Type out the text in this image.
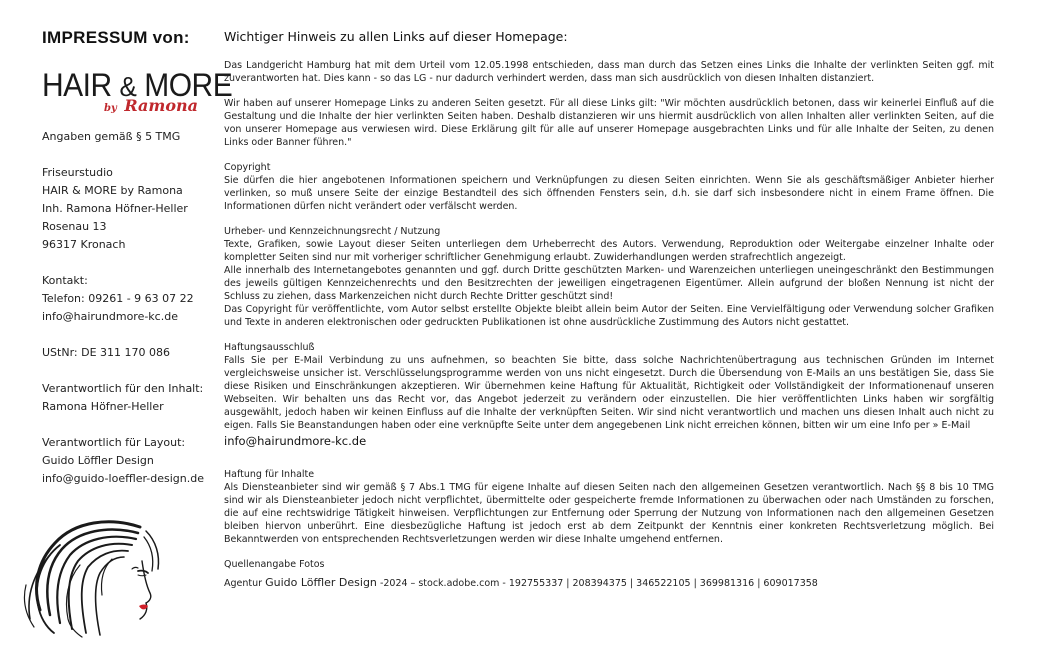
IMPRESSUM von:
HAIR & MORE
by Ramona
Angaben gemäß § 5 TMG
Friseurstudio
HAIR & MORE by Ramona
Inh. Ramona Höfner-Heller
Rosenau 13
96317 Kronach
Kontakt:
Telefon: 09261 - 9 63 07 22
info@hairundmore-kc.de
UStNr: DE 311 170 086
Verantwortlich für den Inhalt:
Ramona Höfner-Heller
Verantwortlich für Layout:
Guido Löffler Design
info@guido-loeffler-design.de
Wichtiger Hinweis zu allen Links auf dieser Homepage:

Das Landgericht Hamburg hat mit dem Urteil vom 12.05.1998 entschieden, dass man durch das Setzen eines Links die Inhalte der verlinkten Seiten ggf. mit zuverantworten hat. Dies kann - so das LG - nur dadurch verhindert werden, dass man sich ausdrücklich von diesen Inhalten distanziert.

Wir haben auf unserer Homepage Links zu anderen Seiten gesetzt. Für all diese Links gilt: "Wir möchten ausdrücklich betonen, dass wir keinerlei Einfluß auf die Gestaltung und die Inhalte der hier verlinkten Seiten haben. Deshalb distanzieren wir uns hiermit ausdrücklich von allen Inhalten aller verlinkten Seiten, auf die von unserer Homepage aus verwiesen wird. Diese Erklärung gilt für alle auf unserer Homepage ausgebrachten Links und für alle Inhalte der Seiten, zu denen Links oder Banner führen."

Copyright
Sie dürfen die hier angebotenen Informationen speichern und Verknüpfungen zu diesen Seiten einrichten. Wenn Sie als geschäftsmäßiger Anbieter hierher verlinken, so muß unsere Seite der einzige Bestandteil des sich öffnenden Fensters sein, d.h. sie darf sich insbesondere nicht in einem Frame öffnen. Die Informationen dürfen nicht verändert oder verfälscht werden.
Urheber- und Kennzeichnungsrecht / Nutzung
Texte, Grafiken, sowie Layout dieser Seiten unterliegen dem Urheberrecht des Autors. Verwendung, Reproduktion oder Weitergabe einzelner Inhalte oder kompletter Seiten sind nur mit vorheriger schriftlicher Genehmigung erlaubt. Zuwiderhandlungen werden strafrechtlich angezeigt.
Alle innerhalb des Internetangebotes genannten und ggf. durch Dritte geschützten Marken- und Warenzeichen unterliegen uneingeschränkt den Bestimmungen des jeweils gültigen Kennzeichenrechts und den Besitzrechten der jeweiligen eingetragenen Eigentümer. Allein aufgrund der bloßen Nennung ist nicht der Schluss zu ziehen, dass Markenzeichen nicht durch Rechte Dritter geschützt sind!
Das Copyright für veröffentlichte, vom Autor selbst erstellte Objekte bleibt allein beim Autor der Seiten. Eine Vervielfältigung oder Verwendung solcher Grafiken und Texte in anderen elektronischen oder gedruckten Publikationen ist ohne ausdrückliche Zustimmung des Autors nicht gestattet.
Haftungsausschluß
Falls Sie per E-Mail Verbindung zu uns aufnehmen, so beachten Sie bitte, dass solche Nachrichtenübertragung aus technischen Gründen im Internet vergleichsweise unsicher ist. Verschlüsselungsprogramme werden von uns nicht eingesetzt. Durch die Übersendung von E-Mails an uns bestätigen Sie, dass Sie diese Risiken und Einschränkungen akzeptieren. Wir übernehmen keine Haftung für Aktualität, Richtigkeit oder Vollständigkeit der Informationenauf unseren Webseiten. Wir behalten uns das Recht vor, das Angebot jederzeit zu verändern oder einzustellen. Die hier veröffentlichten Links haben wir sorgfältig ausgewählt, jedoch haben wir keinen Einfluss auf die Inhalte der verknüpften Seiten. Wir sind nicht verantwortlich und machen uns diesen Inhalt auch nicht zu eigen. Falls Sie Beanstandungen haben oder eine verknüpfte Seite unter dem angegebenen Link nicht erreichen können, bitten wir um eine Info per » E-Mail
info@hairundmore-kc.de
Haftung für Inhalte
Als Diensteanbieter sind wir gemäß § 7 Abs.1 TMG für eigene Inhalte auf diesen Seiten nach den allgemeinen Gesetzen verantwortlich. Nach §§ 8 bis 10 TMG sind wir als Diensteanbieter jedoch nicht verpflichtet, übermittelte oder gespeicherte fremde Informationen zu überwachen oder nach Umständen zu forschen, die auf eine rechtswidrige Tätigkeit hinweisen. Verpflichtungen zur Entfernung oder Sperrung der Nutzung von Informationen nach den allgemeinen Gesetzen bleiben hiervon unberührt. Eine diesbezügliche Haftung ist jedoch erst ab dem Zeitpunkt der Kenntnis einer konkreten Rechtsverletzung möglich. Bei Bekanntwerden von entsprechenden Rechtsverletzungen werden wir diese Inhalte umgehend entfernen.
Quellenangabe Fotos
Agentur Guido Löffler Design -2024 – stock.adobe.com - 192755337 | 208394375 | 346522105 | 369981316 | 609017358
